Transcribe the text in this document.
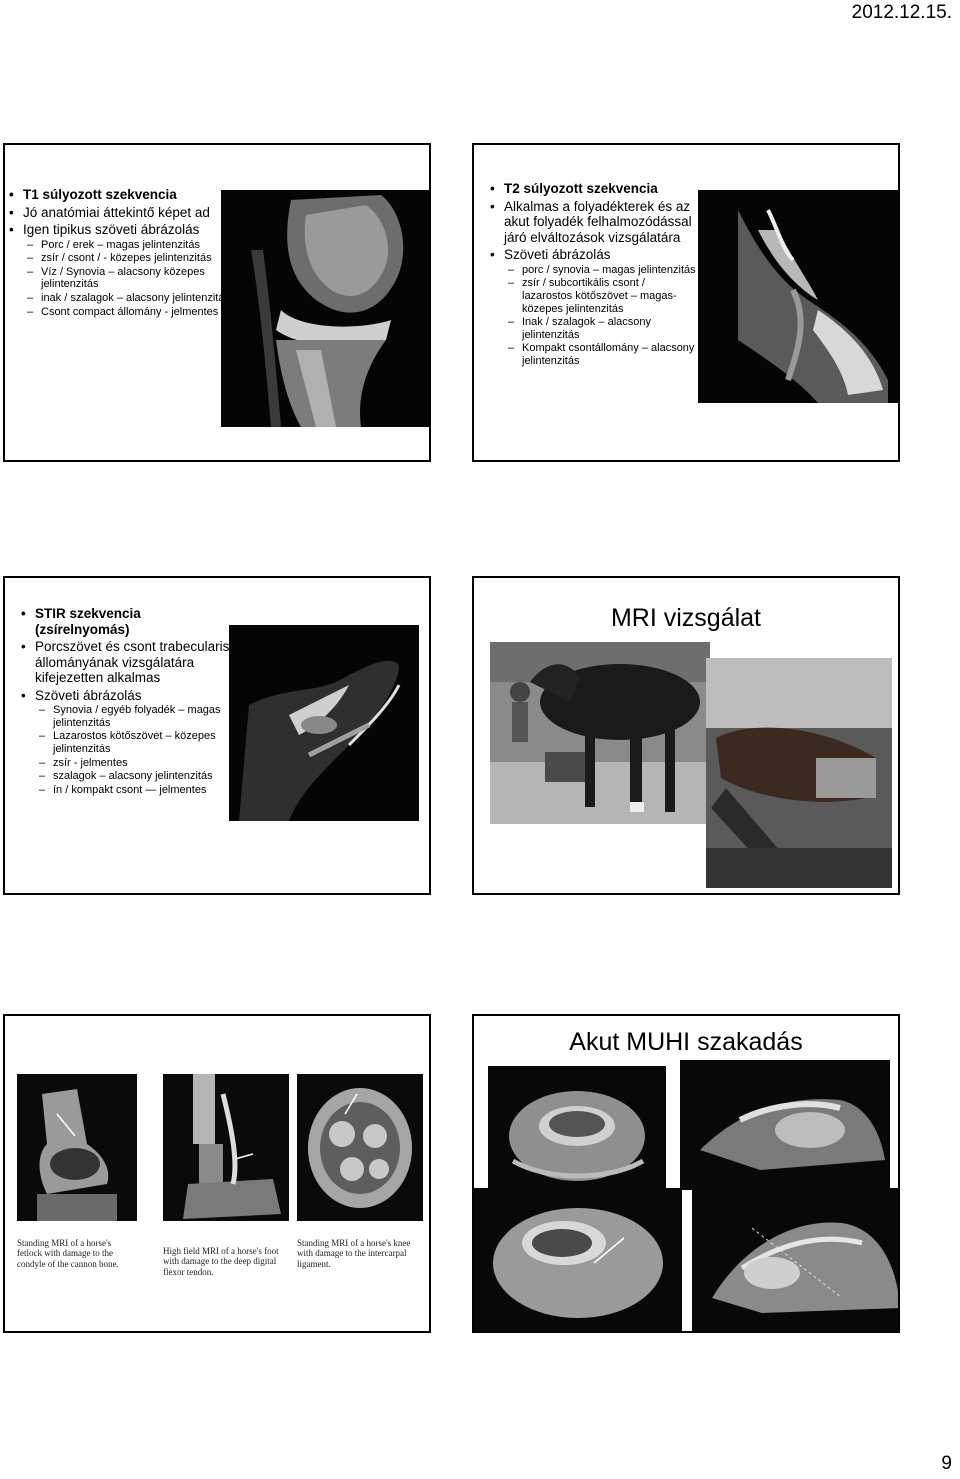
2012.12.15.
• T1 súlyozott szekvencia
• Jó anatómiai áttekintő képet ad
• Igen tipikus szöveti ábrázolás
– Porc / erek – magas jelintenzitás
– zsír / csont / - közepes jelintenzitás
– Víz / Synovia – alacsony közepes jelintenzitás
– inak / szalagok – alacsony jelintenzitás
– Csont compact állomány - jelmentes
• T2 súlyozott szekvencia
• Alkalmas a folyadékterek és az akut folyadék felhalmozódással járó elváltozások vizsgálatára
• Szöveti ábrázolás
– porc / synovia – magas jelintenzitás
– zsír / subcortikális csont / lazarostos kötőszövet – magas-közepes jelintenzitás
– Inak / szalagok – alacsony jelintenzitás
– Kompakt csontállomány – alacsony jelintenzitás
• STIR szekvencia (zsírelnyomás)
• Porcszövet és csont trabecularis állományának vizsgálatára kifejezetten alkalmas
• Szöveti ábrázolás
– Synovia / egyéb folyadék – magas jelintenzitás
– Lazarostos kötőszövet – közepes jelintenzitás
– zsír - jelmentes
– szalagok – alacsony jelintenzitás
– ín / kompakt csont — jelmentes
MRI vizsgálat
Standing MRI of a horse's fetlock with damage to the condyle of the cannon bone.
High field MRI of a horse's foot with damage to the deep digital flexor tendon.
Standing MRI of a horse's knee with damage to the intercarpal ligament.
Akut MUHI szakadás
9
